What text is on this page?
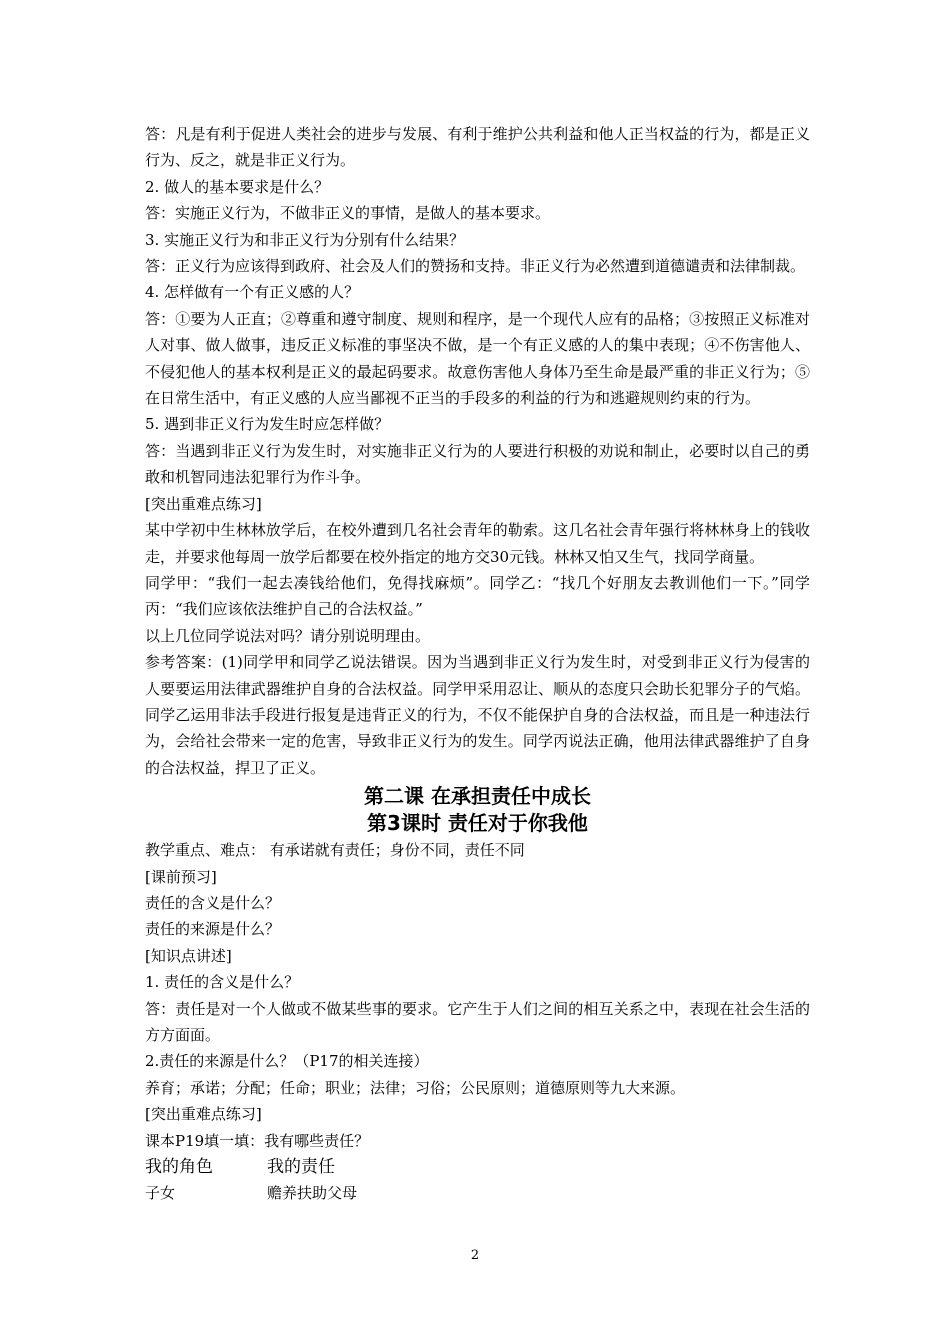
答：凡是有利于促进人类社会的进步与发展、有利于维护公共利益和他人正当权益的行为，都是正义行为、反之，就是非正义行为。

2. 做人的基本要求是什么？

答：实施正义行为，不做非正义的事情，是做人的基本要求。

3. 实施正义行为和非正义行为分别有什么结果？

答：正义行为应该得到政府、社会及人们的赞扬和支持。非正义行为必然遭到道德谴责和法律制裁。

4. 怎样做有一个有正义感的人？

答：①要为人正直；②尊重和遵守制度、规则和程序，是一个现代人应有的品格；③按照正义标准对人对事、做人做事，违反正义标准的事坚决不做，是一个有正义感的人的集中表现；④不伤害他人、不侵犯他人的基本权利是正义的最起码要求。故意伤害他人身体乃至生命是最严重的非正义行为；⑤在日常生活中，有正义感的人应当鄙视不正当的手段多的利益的行为和逃避规则约束的行为。

5. 遇到非正义行为发生时应怎样做？

答：当遇到非正义行为发生时，对实施非正义行为的人要进行积极的劝说和制止，必要时以自己的勇敢和机智同违法犯罪行为作斗争。

[突出重难点练习]

某中学初中生林林放学后，在校外遭到几名社会青年的勒索。这几名社会青年强行将林林身上的钱收走，并要求他每周一放学后都要在校外指定的地方交30元钱。林林又怕又生气，找同学商量。

同学甲：“我们一起去凑钱给他们，免得找麻烦”。同学乙：“找几个好朋友去教训他们一下。”同学丙：“我们应该依法维护自己的合法权益。”

以上几位同学说法对吗？请分别说明理由。

参考答案：(1)同学甲和同学乙说法错误。因为当遇到非正义行为发生时，对受到非正义行为侵害的人要要运用法律武器维护自身的合法权益。同学甲采用忍让、顺从的态度只会助长犯罪分子的气焰。同学乙运用非法手段进行报复是违背正义的行为，不仅不能保护自身的合法权益，而且是一种违法行为，会给社会带来一定的危害，导致非正义行为的发生。同学丙说法正确，他用法律武器维护了自身的合法权益，捍卫了正义。

第二课 在承担责任中成长

第3课时 责任对于你我他

教学重点、难点： 有承诺就有责任；身份不同，责任不同

[课前预习]

责任的含义是什么？

责任的来源是什么？

[知识点讲述]

1. 责任的含义是什么？

答：责任是对一个人做或不做某些事的要求。它产生于人们之间的相互关系之中，表现在社会生活的方方面面。

2.责任的来源是什么？（P17的相关连接）

养育；承诺；分配；任命；职业；法律；习俗；公民原则；道德原则等九大来源。

[突出重难点练习]

课本P19填一填：我有哪些责任？

我的角色	我的责任
子女	赡养扶助父母
2
